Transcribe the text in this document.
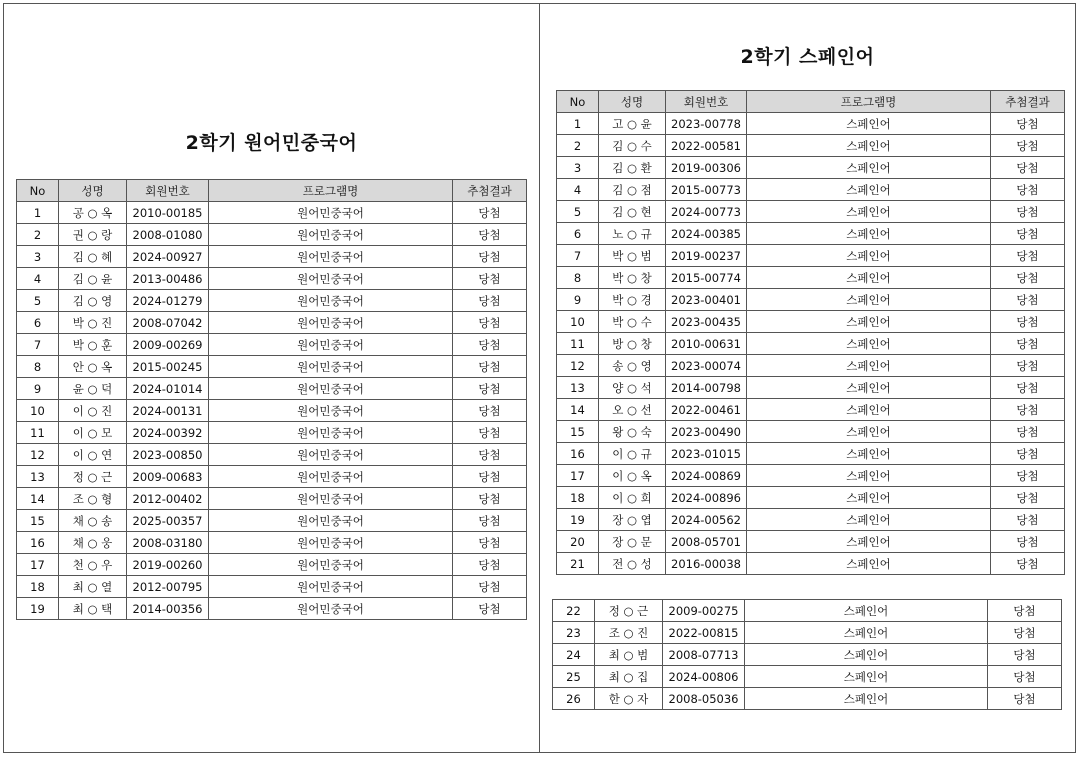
2학기 원어민중국어
No	성명	회원번호	프로그램명	추첨결과
1	공 ○ 옥	2010-00185	원어민중국어	당첨
2	권 ○ 랑	2008-01080	원어민중국어	당첨
3	김 ○ 혜	2024-00927	원어민중국어	당첨
4	김 ○ 윤	2013-00486	원어민중국어	당첨
5	김 ○ 영	2024-01279	원어민중국어	당첨
6	박 ○ 진	2008-07042	원어민중국어	당첨
7	박 ○ 훈	2009-00269	원어민중국어	당첨
8	안 ○ 옥	2015-00245	원어민중국어	당첨
9	윤 ○ 덕	2024-01014	원어민중국어	당첨
10	이 ○ 진	2024-00131	원어민중국어	당첨
11	이 ○ 모	2024-00392	원어민중국어	당첨
12	이 ○ 연	2023-00850	원어민중국어	당첨
13	정 ○ 근	2009-00683	원어민중국어	당첨
14	조 ○ 형	2012-00402	원어민중국어	당첨
15	채 ○ 송	2025-00357	원어민중국어	당첨
16	채 ○ 웅	2008-03180	원어민중국어	당첨
17	천 ○ 우	2019-00260	원어민중국어	당첨
18	최 ○ 열	2012-00795	원어민중국어	당첨
19	최 ○ 택	2014-00356	원어민중국어	당첨
2학기 스페인어
No	성명	회원번호	프로그램명	추첨결과
1	고 ○ 윤	2023-00778	스페인어	당첨
2	김 ○ 수	2022-00581	스페인어	당첨
3	김 ○ 환	2019-00306	스페인어	당첨
4	김 ○ 점	2015-00773	스페인어	당첨
5	김 ○ 현	2024-00773	스페인어	당첨
6	노 ○ 규	2024-00385	스페인어	당첨
7	박 ○ 범	2019-00237	스페인어	당첨
8	박 ○ 창	2015-00774	스페인어	당첨
9	박 ○ 경	2023-00401	스페인어	당첨
10	박 ○ 수	2023-00435	스페인어	당첨
11	방 ○ 창	2010-00631	스페인어	당첨
12	송 ○ 영	2023-00074	스페인어	당첨
13	양 ○ 석	2014-00798	스페인어	당첨
14	오 ○ 선	2022-00461	스페인어	당첨
15	왕 ○ 숙	2023-00490	스페인어	당첨
16	이 ○ 규	2023-01015	스페인어	당첨
17	이 ○ 옥	2024-00869	스페인어	당첨
18	이 ○ 희	2024-00896	스페인어	당첨
19	장 ○ 엽	2024-00562	스페인어	당첨
20	장 ○ 문	2008-05701	스페인어	당첨
21	전 ○ 성	2016-00038	스페인어	당첨
22	정 ○ 근	2009-00275	스페인어	당첨
23	조 ○ 진	2022-00815	스페인어	당첨
24	최 ○ 범	2008-07713	스페인어	당첨
25	최 ○ 집	2024-00806	스페인어	당첨
26	한 ○ 자	2008-05036	스페인어	당첨
